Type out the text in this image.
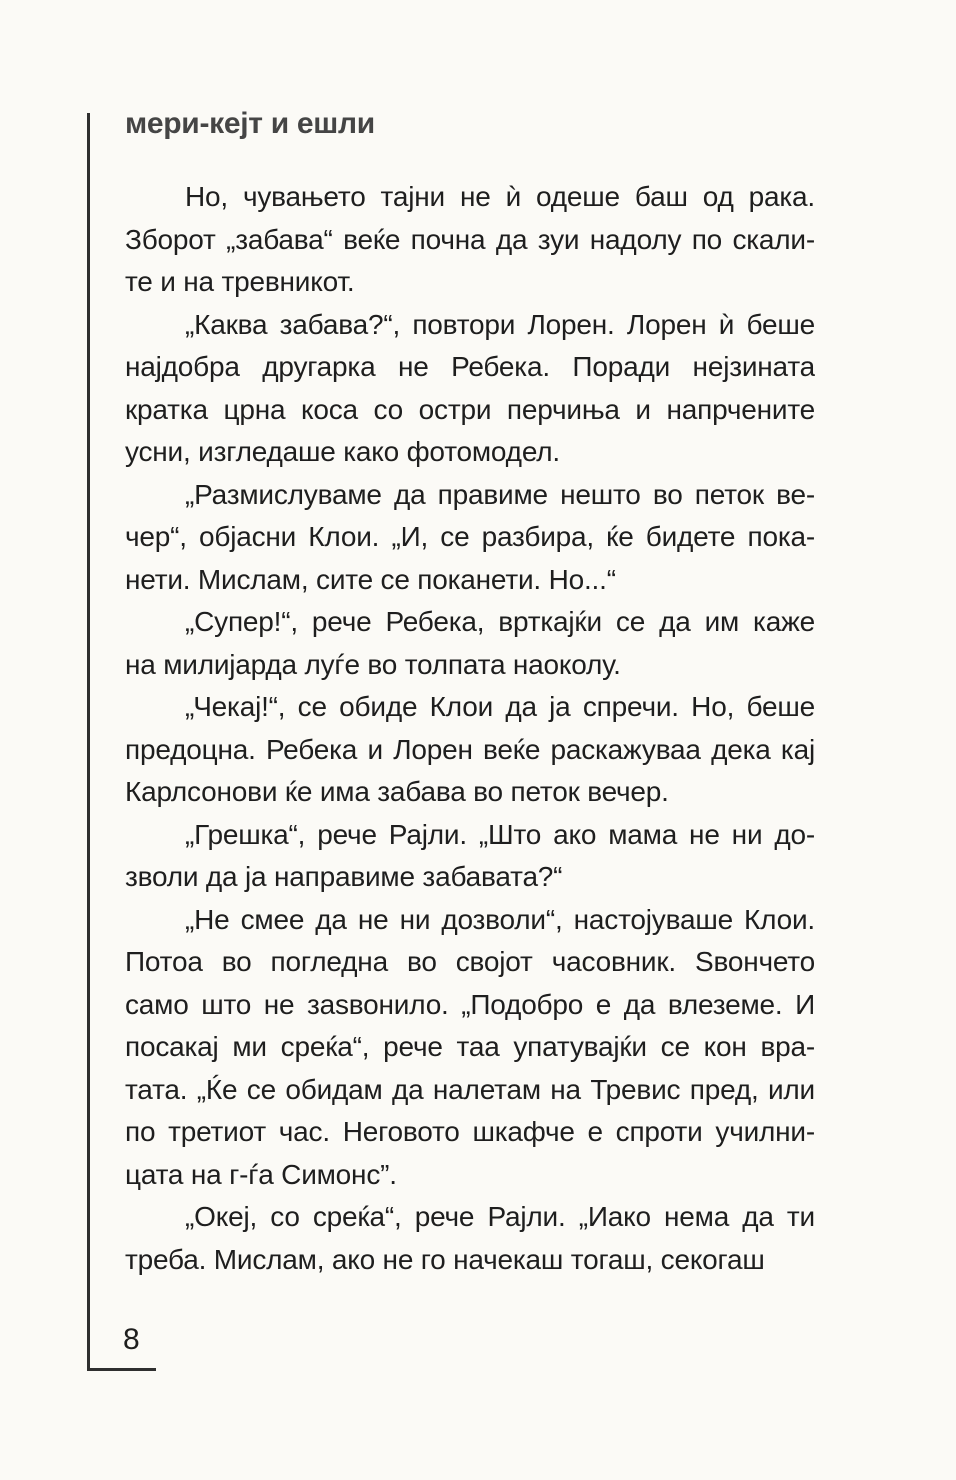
мери-кејт и ешли
Но, чувањето тајни не ѝ одеше баш од рака.
Зборот „забава“ веќе почна да зуи надолу по скали-
те и на тревникот.
„Каква забава?“, повтори Лорен. Лорен ѝ беше
најдобра другарка не Ребека. Поради нејзината
кратка црна коса со остри перчиња и напрчените
усни, изгледаше како фотомодел.
„Размислуваме да правиме нешто во петок ве-
чер“, објасни Клои. „И, се разбира, ќе бидете пока-
нети. Мислам, сите се поканети. Но...“
„Супер!“, рече Ребека, врткајќи се да им каже
на милијарда луѓе во толпата наоколу.
„Чекај!“, се обиде Клои да ја спречи. Но, беше
предоцна. Ребека и Лорен веќе раскажуваа дека кај
Карлсонови ќе има забава во петок вечер.
„Грешка“, рече Рајли. „Што ако мама не ни до-
зволи да ја направиме забавата?“
„Не смее да не ни дозволи“, настојуваше Клои.
Потоа во погледна во својот часовник. Ѕвончето
само што не заѕвонило. „Подобро е да влеземе. И
посакај ми среќа“, рече таа упатувајќи се кон вра-
тата. „Ќе се обидам да налетам на Тревис пред, или
по третиот час. Неговото шкафче е спроти училни-
цата на г-ѓа Симонс”.
„Океј, со среќа“, рече Рајли. „Иако нема да ти
треба. Мислам, ако не го начекаш тогаш, секогаш
8
